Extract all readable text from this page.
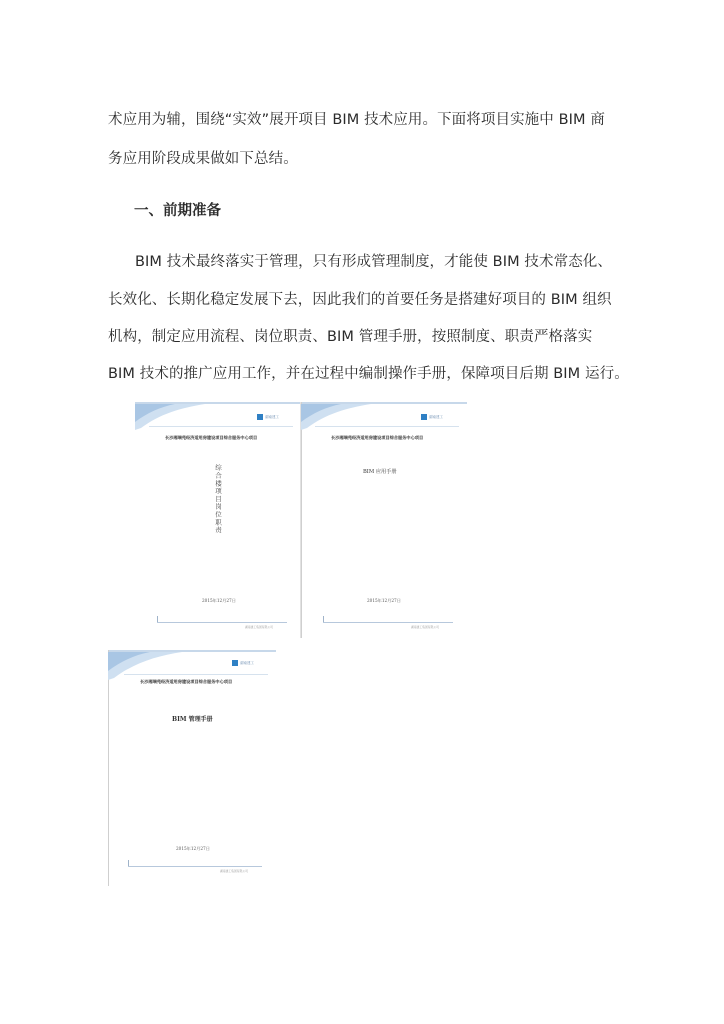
术应用为辅，围绕“实效”展开项目 BIM 技术应用。下面将项目实施中 BIM 商
务应用阶段成果做如下总结。
一、前期准备
BIM 技术最终落实于管理，只有形成管理制度，才能使 BIM 技术常态化、
长效化、长期化稳定发展下去，因此我们的首要任务是搭建好项目的 BIM 组织
机构，制定应用流程、岗位职责、BIM 管理手册，按照制度、职责严格落实
BIM 技术的推广应用工作，并在过程中编制操作手册，保障项目后期 BIM 运行。
湖南建工
长沙湘瑞苑经济适用房建设项目综合服务中心项目
综合楼项目岗位职责
2015年12月27日
湖南建工集团有限公司
湖南建工
长沙湘瑞苑经济适用房建设项目综合服务中心项目
BIM 应用手册
2015年12月27日
湖南建工集团有限公司
湖南建工
长沙湘瑞苑经济适用房建设项目综合服务中心项目
BIM 管理手册
2015年12月27日
湖南建工集团有限公司
